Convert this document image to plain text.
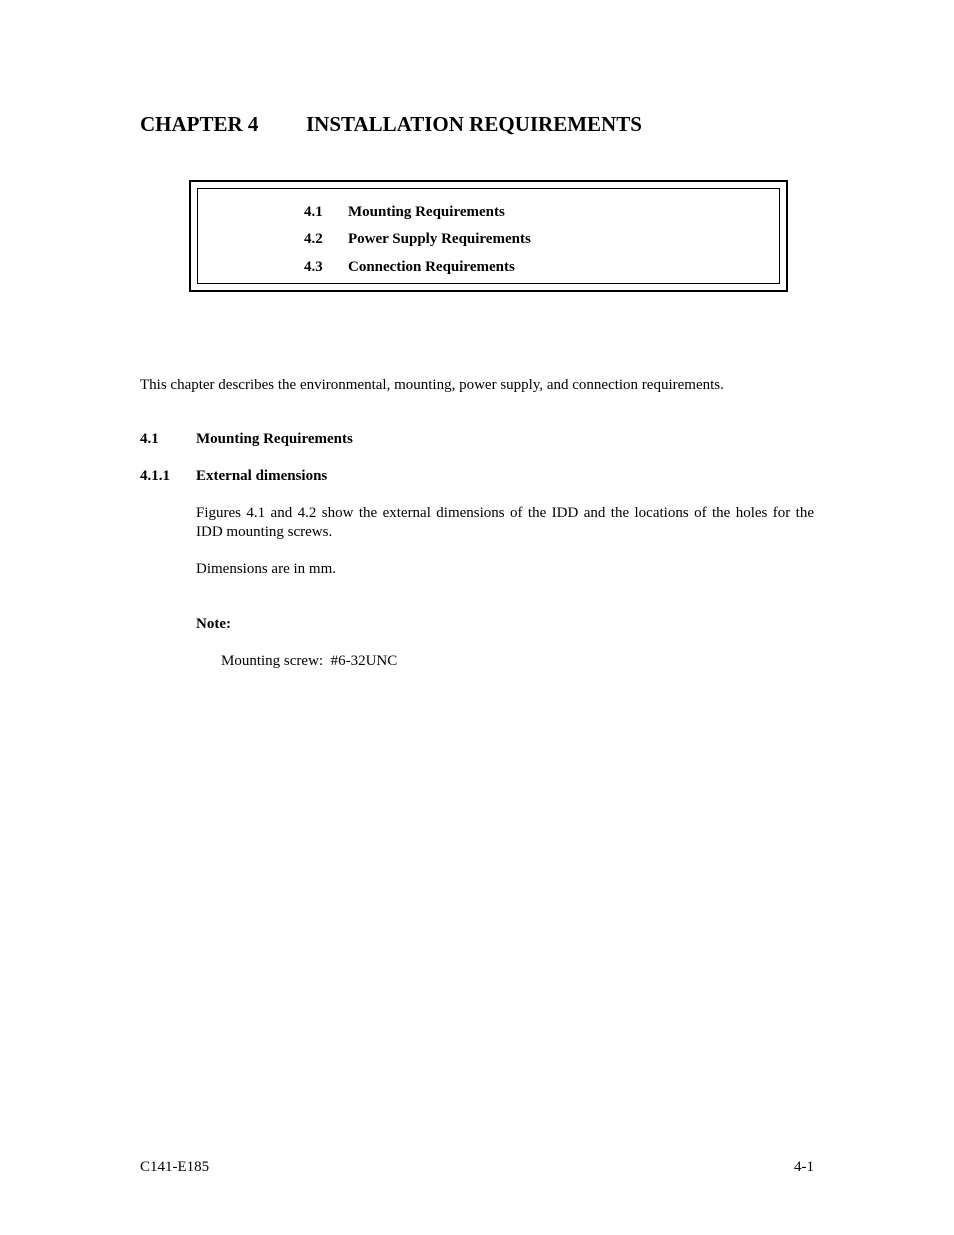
CHAPTER 4 INSTALLATION REQUIREMENTS
4.1 Mounting Requirements
4.2 Power Supply Requirements
4.3 Connection Requirements
This chapter describes the environmental, mounting, power supply, and connection requirements.
4.1 Mounting Requirements
4.1.1 External dimensions
Figures 4.1 and 4.2 show the external dimensions of the IDD and the locations of the holes for the IDD mounting screws.
Dimensions are in mm.
Note:
Mounting screw:  #6-32UNC
C141-E185	4-1
